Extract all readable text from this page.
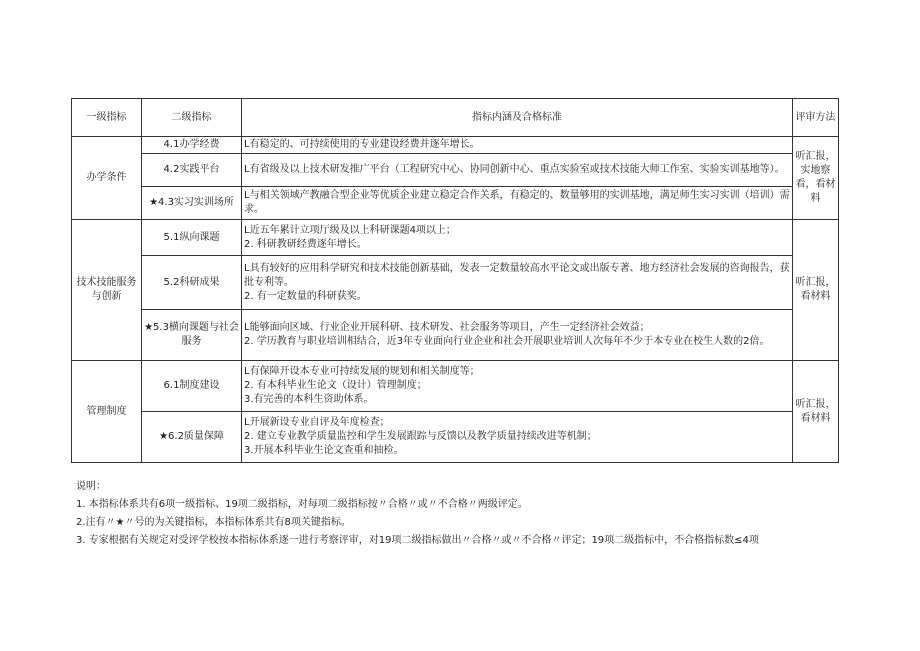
一级指标	二级指标	指标内涵及合格标准	评审方法
办学条件	4.1办学经费	L有稳定的、可持续使用的专业建设经费并逐年增长。	听汇报，实地察看，看材料
	4.2实践平台	L有省级及以上技术研发推广平台（工程研究中心、协同创新中心、重点实验室或技术技能大师工作室、实验实训基地等）。	

	★4.3实习实训场所	L与相关领域产教融合型企业等优质企业建立稳定合作关系，有稳定的、数量够用的实训基地，满足师生实习实训（培训）需求。	

技术技能服务与创新	5.1纵向课题	L近五年累计立项厅级及以上科研课题4项以上；
2. 科研教研经费逐年增长。	听汇报，看材料
	5.2科研成果	L具有较好的应用科学研究和技术技能创新基础，发表一定数量较高水平论文或出版专著、地方经济社会发展的咨询报告，获批专利等。
2. 有一定数量的科研获奖。	

	★5.3横向课题与社会服务	L能够面向区域、行业企业开展科研、技术研发、社会服务等项目，产生一定经济社会效益；
2. 学历教育与职业培训相结合，近3年专业面向行业企业和社会开展职业培训人次每年不少于本专业在校生人数的2倍。	

管理制度	6.1制度建设	L有保障开设本专业可持续发展的规划和相关制度等；
2. 有本科毕业生论文（设计）管理制度；
3.有完善的本科生资助体系。	听汇报，看材料
	★6.2质量保障	L开展新设专业自评及年度检查；
2. 建立专业教学质量监控和学生发展跟踪与反馈以及教学质量持续改进等机制；
3.开展本科毕业生论文查重和抽检。	
说明：
1. 本指标体系共有6项一级指标、19项二级指标，对每项二级指标按〃合格〃或〃不合格〃两级评定。
2.注有〃★〃号的为关键指标，本指标体系共有8项关键指标。
3. 专家根据有关规定对受评学校按本指标体系逐一进行考察评审，对19项二级指标做出〃合格〃或〃不合格〃评定；19项二级指标中，不合格指标数≤4项
